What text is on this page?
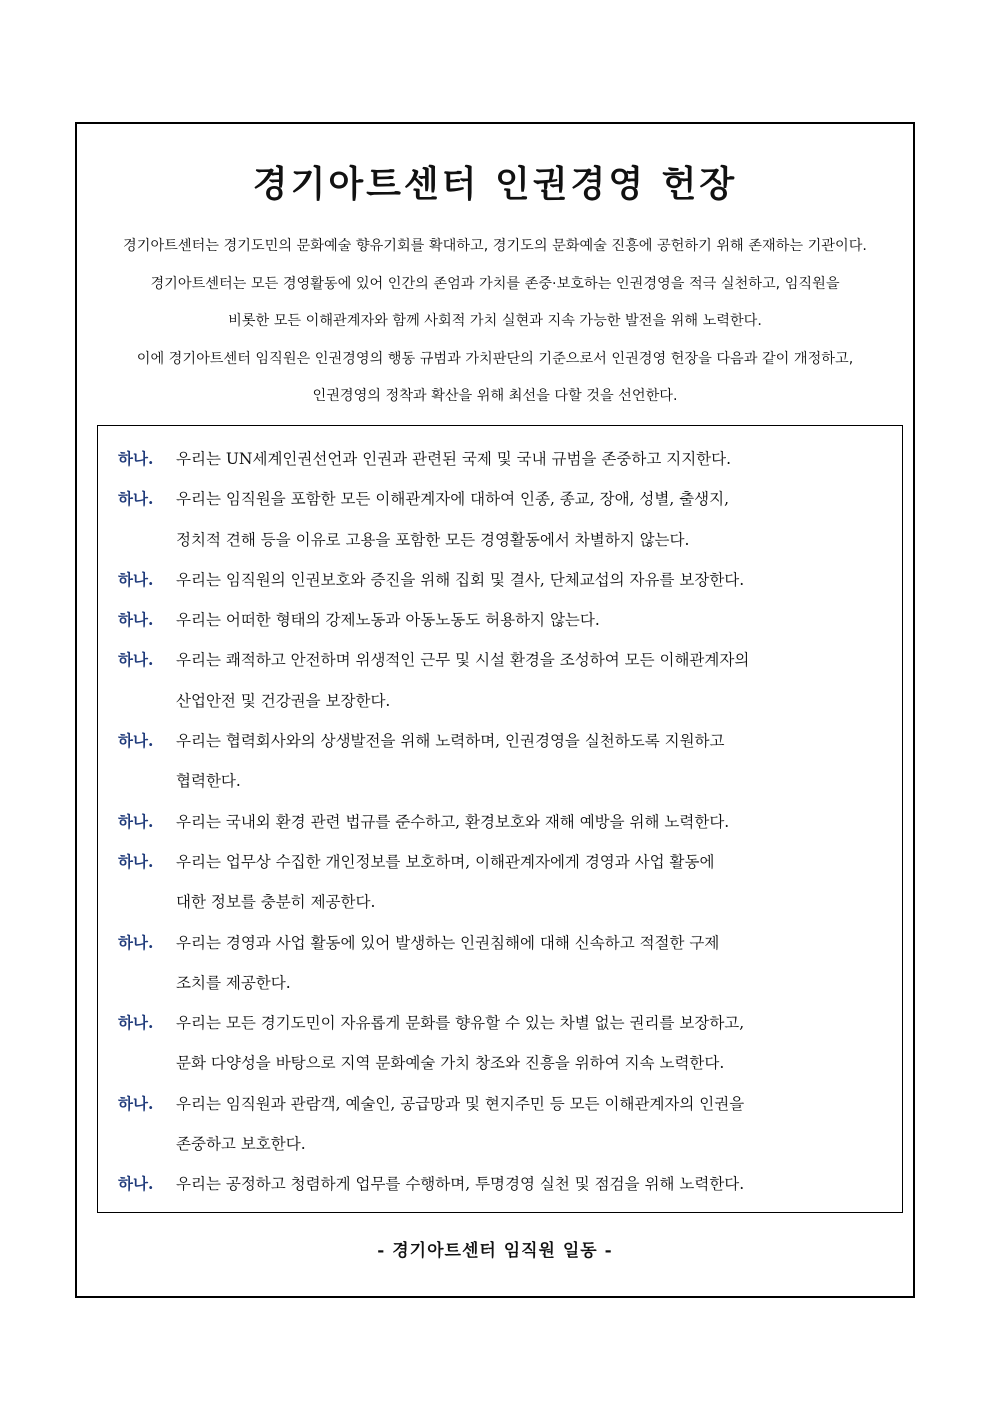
경기아트센터 인권경영 헌장

경기아트센터는 경기도민의 문화예술 향유기회를 확대하고, 경기도의 문화예술 진흥에 공헌하기 위해 존재하는 기관이다.

경기아트센터는 모든 경영활동에 있어 인간의 존엄과 가치를 존중·보호하는 인권경영을 적극 실천하고, 임직원을

비롯한 모든 이해관계자와 함께 사회적 가치 실현과 지속 가능한 발전을 위해 노력한다.

이에 경기아트센터 임직원은 인권경영의 행동 규범과 가치판단의 기준으로서 인권경영 헌장을 다음과 같이 개정하고,

인권경영의 정착과 확산을 위해 최선을 다할 것을 선언한다.

하나.	우리는 UN세계인권선언과 인권과 관련된 국제 및 국내 규범을 존중하고 지지한다.
하나.	우리는 임직원을 포함한 모든 이해관계자에 대하여 인종, 종교, 장애, 성별, 출생지,
정치적 견해 등을 이유로 고용을 포함한 모든 경영활동에서 차별하지 않는다.
하나.	우리는 임직원의 인권보호와 증진을 위해 집회 및 결사, 단체교섭의 자유를 보장한다.
하나.	우리는 어떠한 형태의 강제노동과 아동노동도 허용하지 않는다.
하나.	우리는 쾌적하고 안전하며 위생적인 근무 및 시설 환경을 조성하여 모든 이해관계자의
산업안전 및 건강권을 보장한다.
하나.	우리는 협력회사와의 상생발전을 위해 노력하며, 인권경영을 실천하도록 지원하고
협력한다.
하나.	우리는 국내외 환경 관련 법규를 준수하고, 환경보호와 재해 예방을 위해 노력한다.
하나.	우리는 업무상 수집한 개인정보를 보호하며, 이해관계자에게 경영과 사업 활동에
대한 정보를 충분히 제공한다.
하나.	우리는 경영과 사업 활동에 있어 발생하는 인권침해에 대해 신속하고 적절한 구제
조치를 제공한다.
하나.	우리는 모든 경기도민이 자유롭게 문화를 향유할 수 있는 차별 없는 권리를 보장하고,
문화 다양성을 바탕으로 지역 문화예술 가치 창조와 진흥을 위하여 지속 노력한다.
하나.	우리는 임직원과 관람객, 예술인, 공급망과 및 현지주민 등 모든 이해관계자의 인권을
존중하고 보호한다.
하나.	우리는 공정하고 청렴하게 업무를 수행하며, 투명경영 실천 및 점검을 위해 노력한다.
- 경기아트센터 임직원 일동 -
